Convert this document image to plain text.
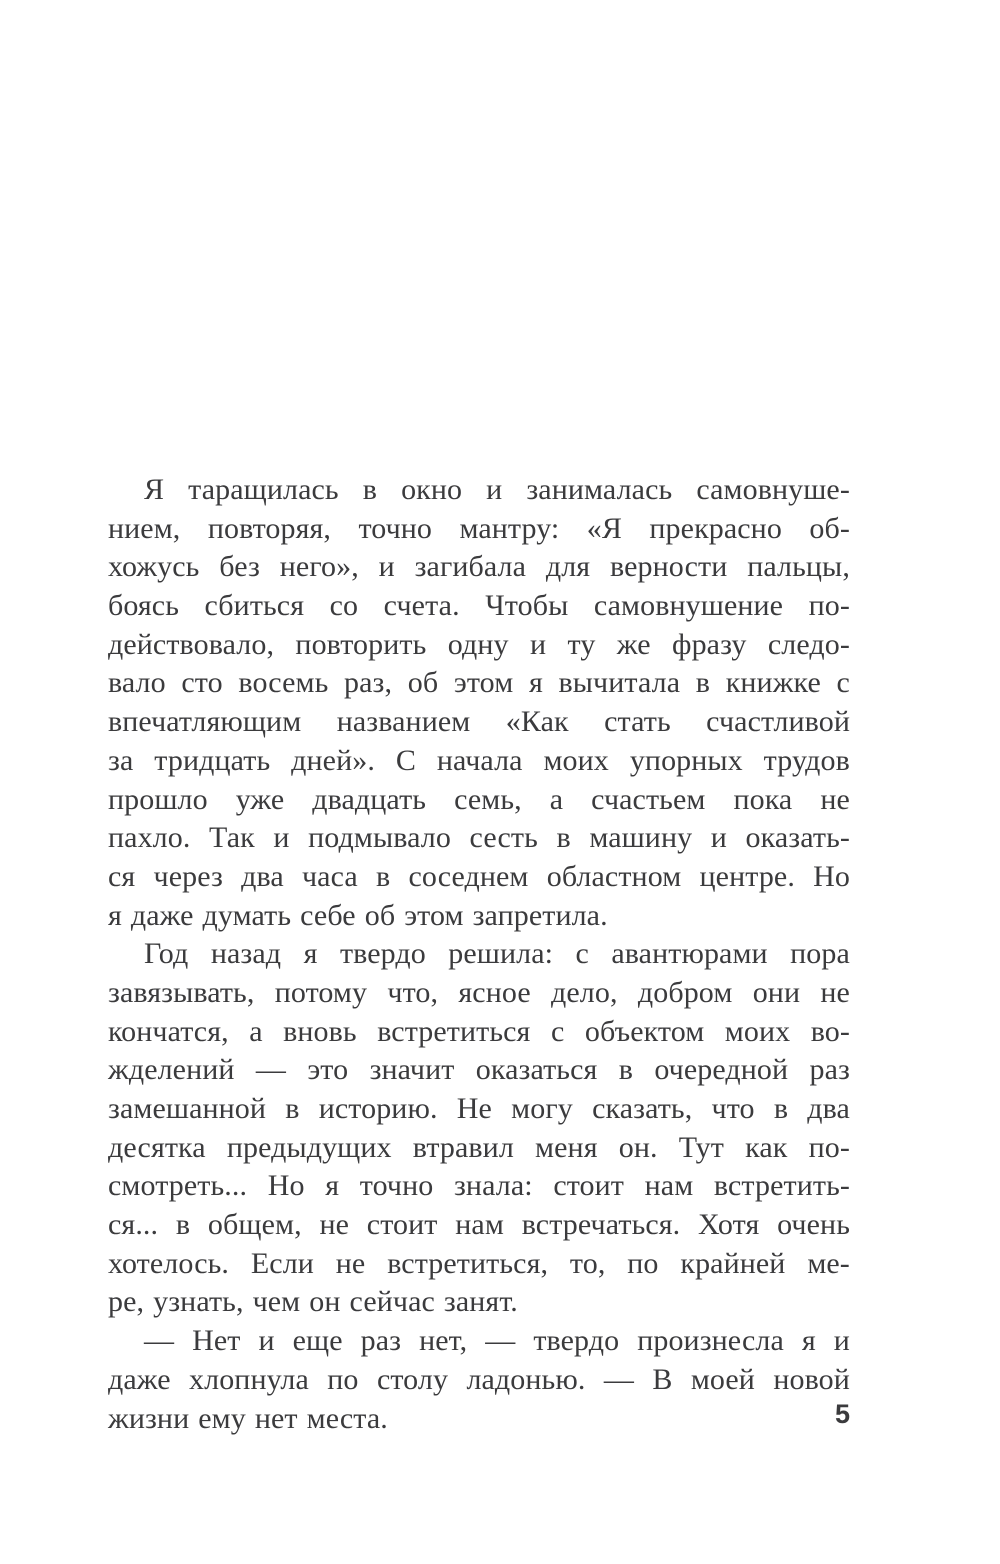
Я таращилась в окно и занималась самовнуше-
нием, повторяя, точно мантру: «Я прекрасно об-
хожусь без него», и загибала для верности пальцы,
боясь сбиться со счета. Чтобы самовнушение по-
действовало, повторить одну и ту же фразу следо-
вало сто восемь раз, об этом я вычитала в книжке с
впечатляющим названием «Как стать счастливой
за тридцать дней». С начала моих упорных трудов
прошло уже двадцать семь, а счастьем пока не
пахло. Так и подмывало сесть в машину и оказать-
ся через два часа в соседнем областном центре. Но
я даже думать себе об этом запретила.
Год назад я твердо решила: с авантюрами пора
завязывать, потому что, ясное дело, добром они не
кончатся, а вновь встретиться с объектом моих во-
жделений — это значит оказаться в очередной раз
замешанной в историю. Не могу сказать, что в два
десятка предыдущих втравил меня он. Тут как по-
смотреть... Но я точно знала: стоит нам встретить-
ся... в общем, не стоит нам встречаться. Хотя очень
хотелось. Если не встретиться, то, по крайней ме-
ре, узнать, чем он сейчас занят.
— Нет и еще раз нет, — твердо произнесла я и
даже хлопнула по столу ладонью. — В моей новой
жизни ему нет места.	5
